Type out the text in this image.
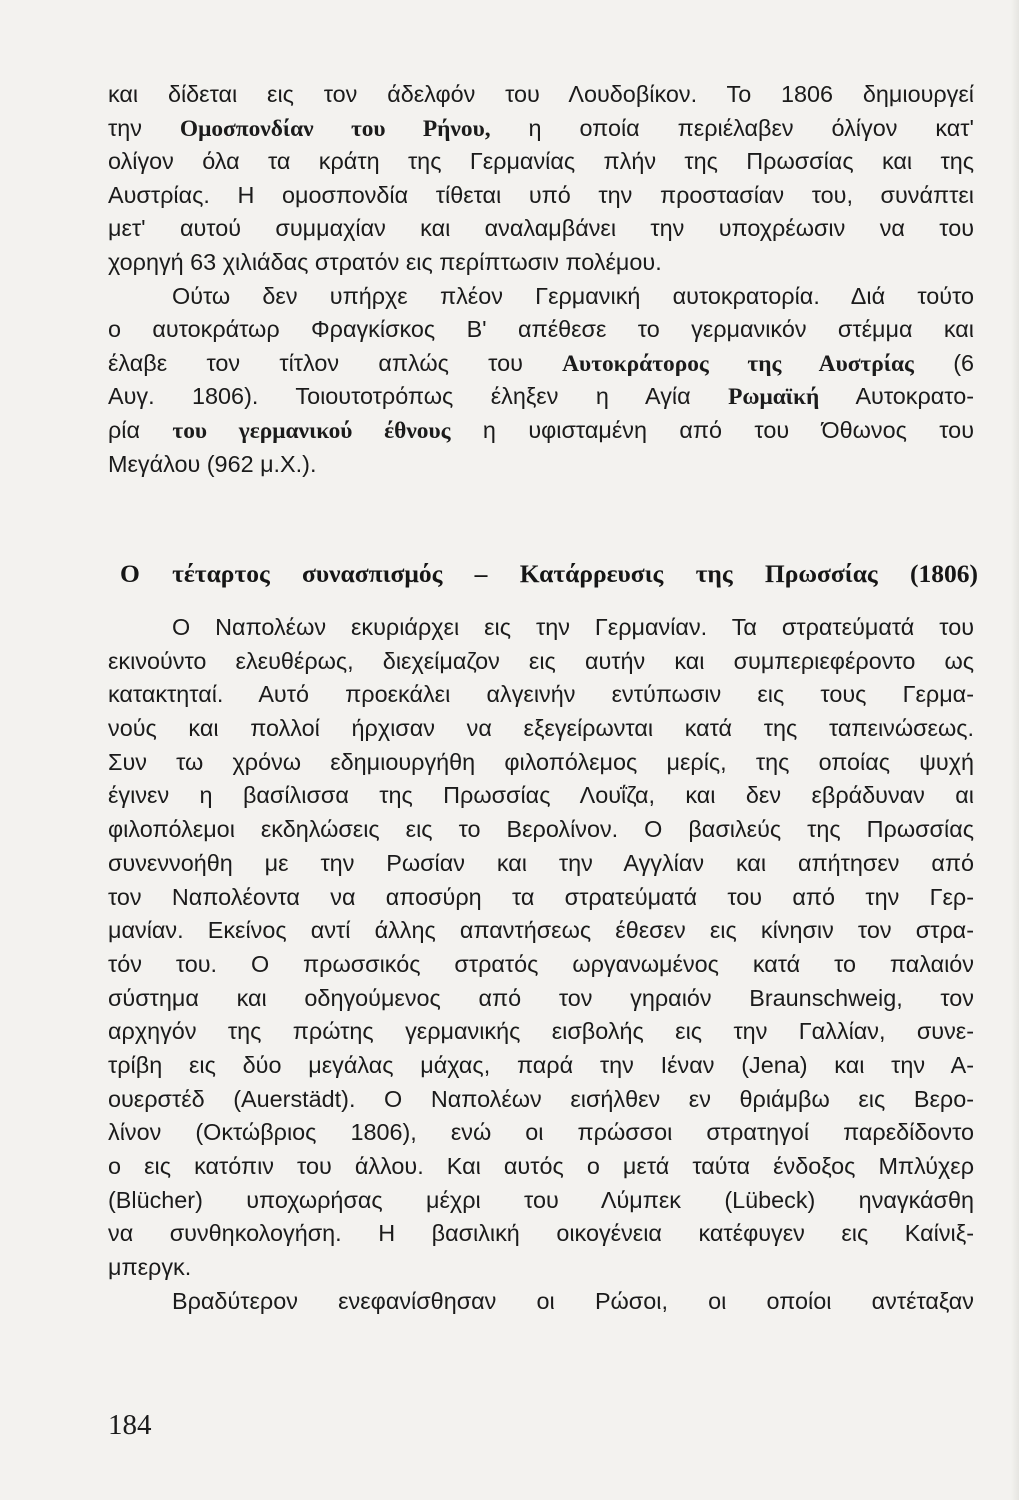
και δίδεται εις τον άδελφόν του Λουδοβίκον. Το 1806 δημιουργεί
την Ομοσπονδίαν του Ρήνου, η οποία περιέλαβεν όλίγον κατ'
ολίγον όλα τα κράτη της Γερμανίας πλήν της Πρωσσίας και της
Αυστρίας. Η ομοσπονδία τίθεται υπό την προστασίαν του, συνάπτει
μετ' αυτού συμμαχίαν και αναλαμβάνει την υποχρέωσιν να του
χορηγή 63 χιλιάδας στρατόν εις περίπτωσιν πολέμου.
Ούτω δεν υπήρχε πλέον Γερμανική αυτοκρατορία. Διά τούτο
ο αυτοκράτωρ Φραγκίσκος Β' απέθεσε το γερμανικόν στέμμα και
έλαβε τον τίτλον απλώς του Αυτοκράτορος της Αυστρίας (6
Αυγ. 1806). Τοιουτοτρόπως έληξεν η Αγία Ρωμαϊκή Αυτοκρατο-
ρία του γερμανικού έθνους η υφισταμένη από του Όθωνος του
Μεγάλου (962 μ.Χ.).
Ο τέταρτος συνασπισμός – Κατάρρευσις της Πρωσσίας (1806)
Ο Ναπολέων εκυριάρχει εις την Γερμανίαν. Τα στρατεύματά του
εκινούντο ελευθέρως, διεχείμαζον εις αυτήν και συμπεριεφέροντο ως
κατακτηταί. Αυτό προεκάλει αλγεινήν εντύπωσιν εις τους Γερμα-
νούς και πολλοί ήρχισαν να εξεγείρωνται κατά της ταπεινώσεως.
Συν τω χρόνω εδημιουργήθη φιλοπόλεμος μερίς, της οποίας ψυχή
έγινεν η βασίλισσα της Πρωσσίας Λουΐζα, και δεν εβράδυναν αι
φιλοπόλεμοι εκδηλώσεις εις το Βερολίνον. Ο βασιλεύς της Πρωσσίας
συνεννοήθη με την Ρωσίαν και την Αγγλίαν και απήτησεν από
τον Ναπολέοντα να αποσύρη τα στρατεύματά του από την Γερ-
μανίαν. Εκείνος αντί άλλης απαντήσεως έθεσεν εις κίνησιν τον στρα-
τόν του. Ο πρωσσικός στρατός ωργανωμένος κατά το παλαιόν
σύστημα και οδηγούμενος από τον γηραιόν Braunschweig, τον
αρχηγόν της πρώτης γερμανικής εισβολής εις την Γαλλίαν, συνε-
τρίβη εις δύο μεγάλας μάχας, παρά την Ιέναν (Jena) και την Α-
ουερστέδ (Auerstädt). Ο Ναπολέων εισήλθεν εν θριάμβω εις Βερο-
λίνον (Οκτώβριος 1806), ενώ οι πρώσσοι στρατηγοί παρεδίδοντο
ο εις κατόπιν του άλλου. Και αυτός ο μετά ταύτα ένδοξος Μπλύχερ
(Blücher) υποχωρήσας μέχρι του Λύμπεκ (Lübeck) ηναγκάσθη
να συνθηκολογήση. Η βασιλική οικογένεια κατέφυγεν εις Καίνιξ-
μπεργκ.
Βραδύτερον ενεφανίσθησαν οι Ρώσοι, οι οποίοι αντέταξαν
184
